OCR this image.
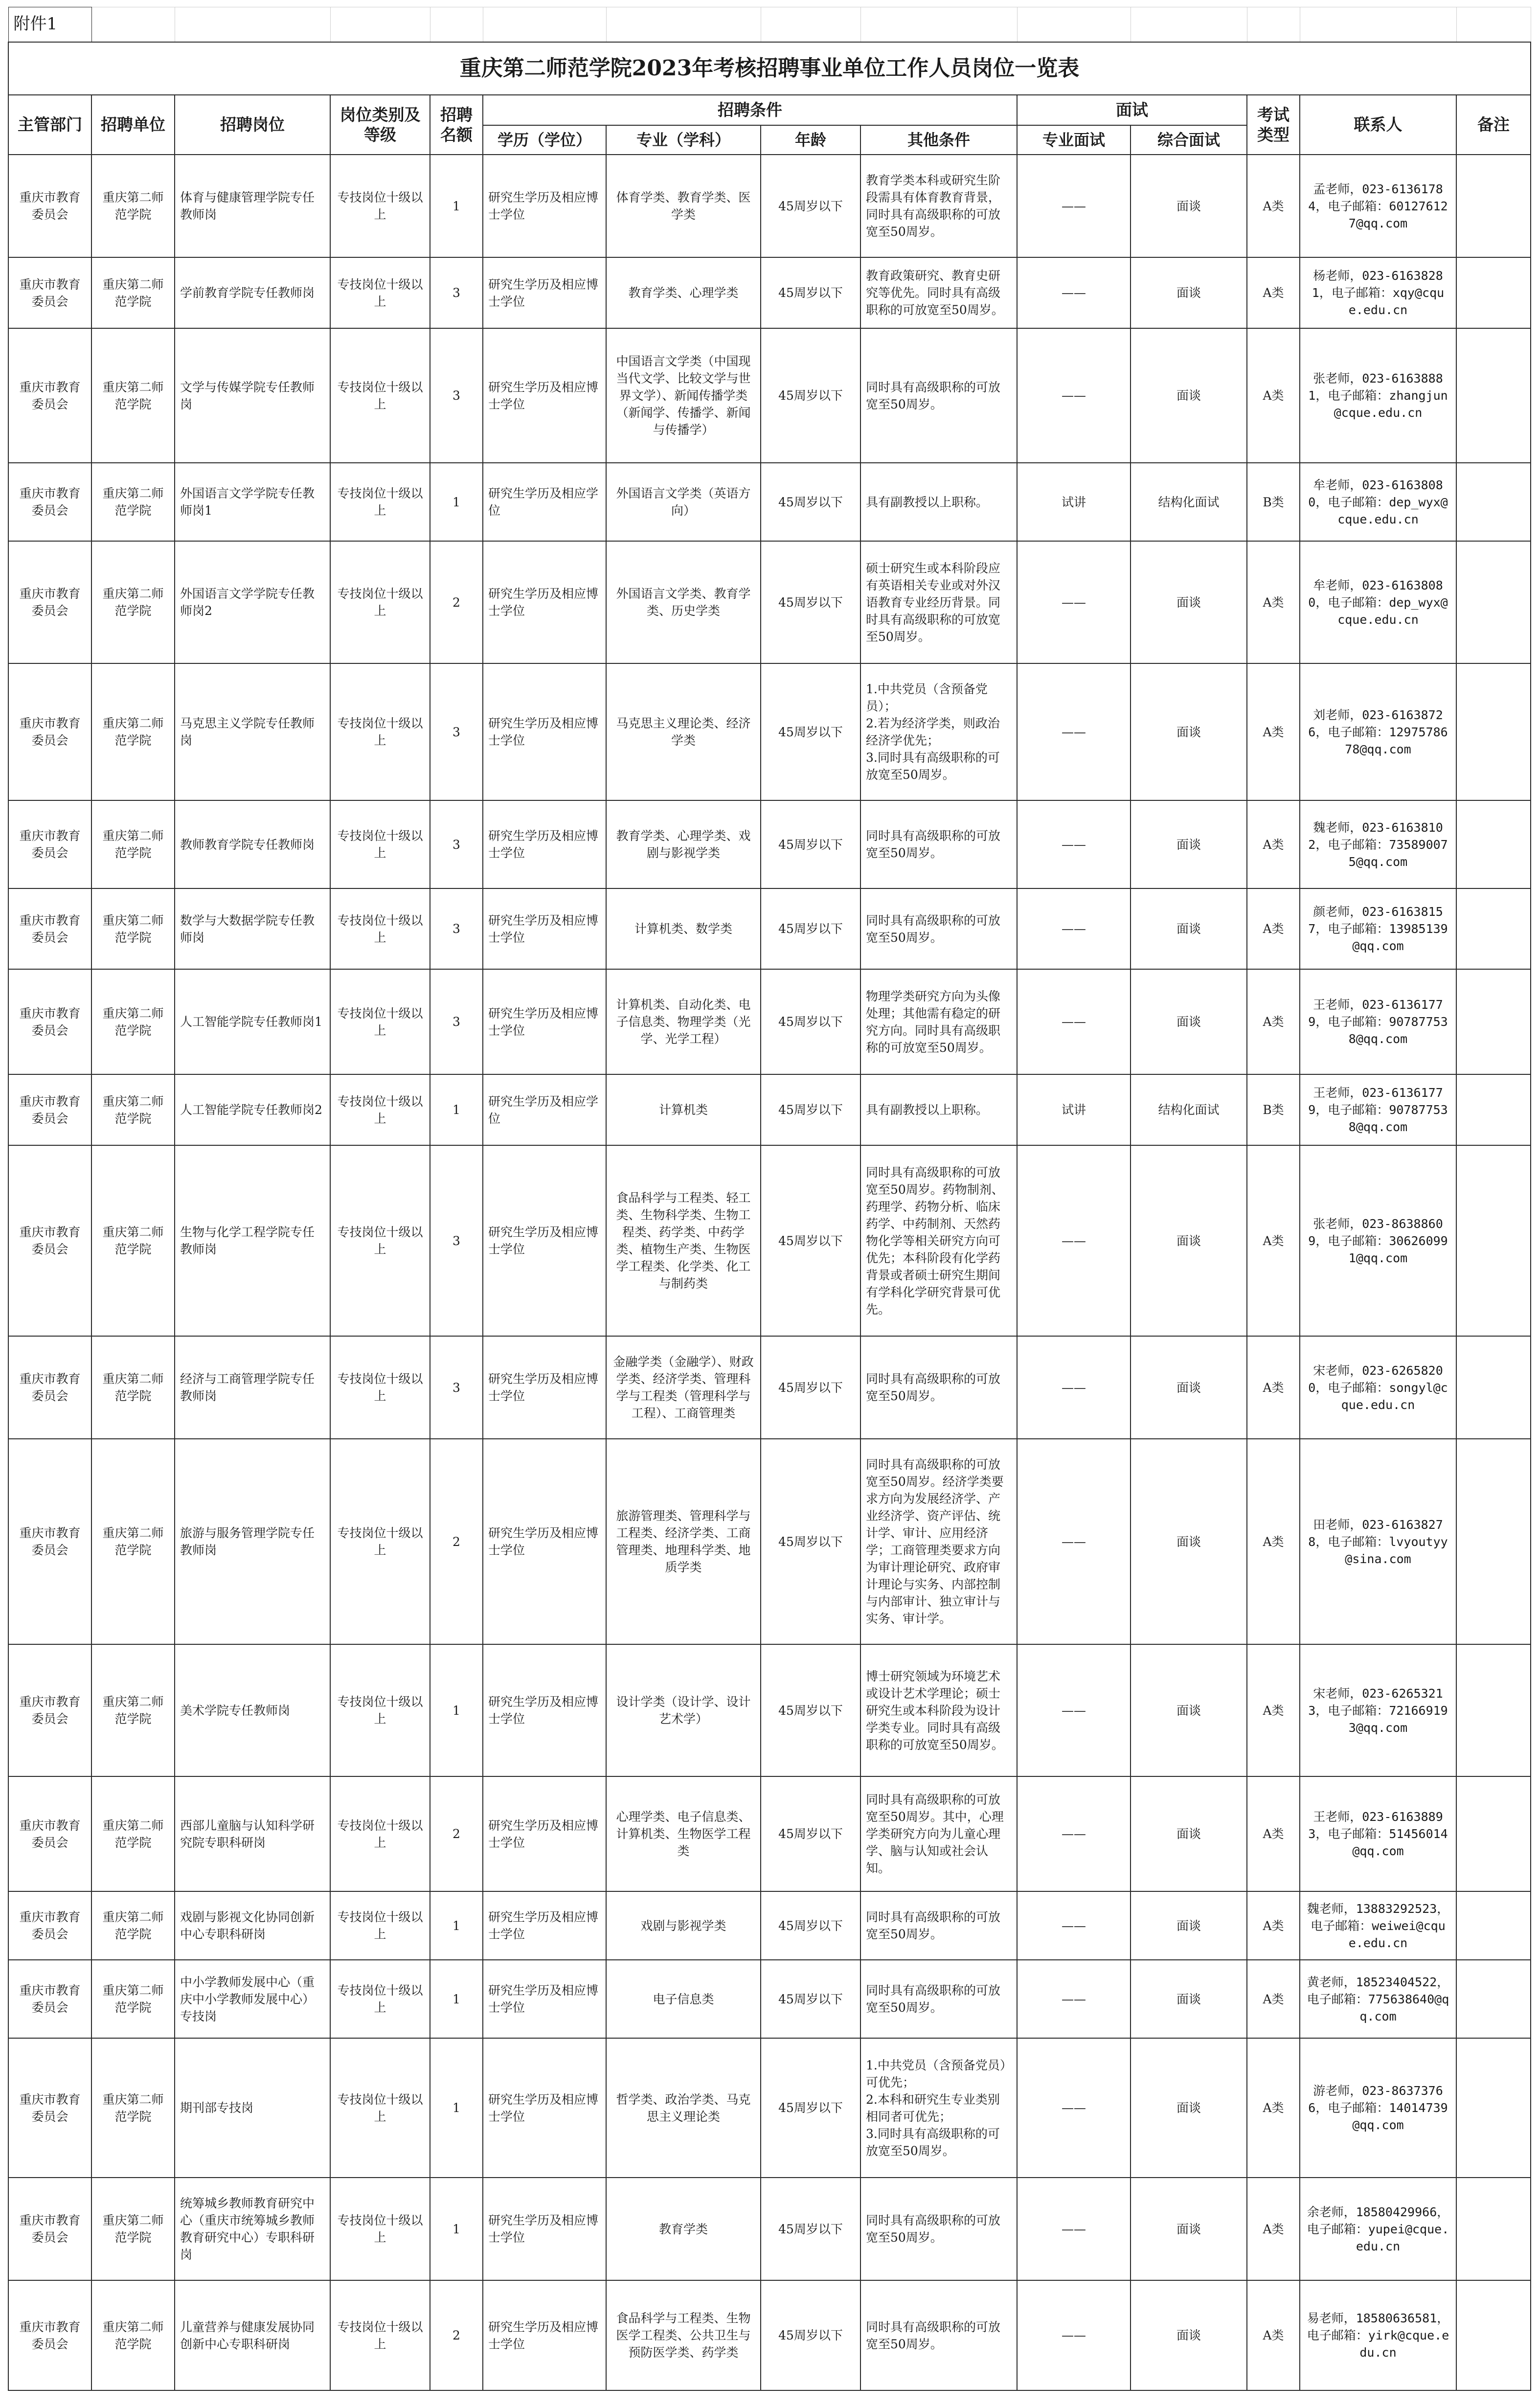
附件1													
重庆第二师范学院2023年考核招聘事业单位工作人员岗位一览表													
主管部门	招聘单位	招聘岗位	岗位类别及等级	招聘名额	招聘条件				面试		考试类型	联系人	备注
					学历（学位）	专业（学科）	年龄	其他条件	专业面试	综合面试			
重庆市教育委员会	重庆第二师范学院	体育与健康管理学院专任教师岗	专技岗位十级以上	1	研究生学历及相应博士学位	体育学类、教育学类、医学类	45周岁以下	教育学类本科或研究生阶段需具有体育教育背景，同时具有高级职称的可放宽至50周岁。	——	面谈	A类	孟老师，023-61361784，电子邮箱：601276127@qq.com	
重庆市教育委员会	重庆第二师范学院	学前教育学院专任教师岗	专技岗位十级以上	3	研究生学历及相应博士学位	教育学类、心理学类	45周岁以下	教育政策研究、教育史研究等优先。同时具有高级职称的可放宽至50周岁。	——	面谈	A类	杨老师，023-61638281，电子邮箱：xqy@cque.edu.cn	
重庆市教育委员会	重庆第二师范学院	文学与传媒学院专任教师岗	专技岗位十级以上	3	研究生学历及相应博士学位	中国语言文学类（中国现当代文学、比较文学与世界文学）、新闻传播学类（新闻学、传播学、新闻与传播学）	45周岁以下	同时具有高级职称的可放宽至50周岁。	——	面谈	A类	张老师，023-61638881，电子邮箱：zhangjun@cque.edu.cn	
重庆市教育委员会	重庆第二师范学院	外国语言文学学院专任教师岗1	专技岗位十级以上	1	研究生学历及相应学位	外国语言文学类（英语方向）	45周岁以下	具有副教授以上职称。	试讲	结构化面试	B类	牟老师，023-61638080，电子邮箱：dep_wyx@cque.edu.cn	
重庆市教育委员会	重庆第二师范学院	外国语言文学学院专任教师岗2	专技岗位十级以上	2	研究生学历及相应博士学位	外国语言文学类、教育学类、历史学类	45周岁以下	硕士研究生或本科阶段应有英语相关专业或对外汉语教育专业经历背景。同时具有高级职称的可放宽至50周岁。	——	面谈	A类	牟老师，023-61638080，电子邮箱：dep_wyx@cque.edu.cn	
重庆市教育委员会	重庆第二师范学院	马克思主义学院专任教师岗	专技岗位十级以上	3	研究生学历及相应博士学位	马克思主义理论类、经济学类	45周岁以下	1.中共党员（含预备党员）；
2.若为经济学类，则政治经济学优先；
3.同时具有高级职称的可放宽至50周岁。	——	面谈	A类	刘老师，023-61638726，电子邮箱：1297578678@qq.com	
重庆市教育委员会	重庆第二师范学院	教师教育学院专任教师岗	专技岗位十级以上	3	研究生学历及相应博士学位	教育学类、心理学类、戏剧与影视学类	45周岁以下	同时具有高级职称的可放宽至50周岁。	——	面谈	A类	魏老师，023-61638102，电子邮箱：735890075@qq.com	
重庆市教育委员会	重庆第二师范学院	数学与大数据学院专任教师岗	专技岗位十级以上	3	研究生学历及相应博士学位	计算机类、数学类	45周岁以下	同时具有高级职称的可放宽至50周岁。	——	面谈	A类	颜老师，023-61638157，电子邮箱：13985139@qq.com	
重庆市教育委员会	重庆第二师范学院	人工智能学院专任教师岗1	专技岗位十级以上	3	研究生学历及相应博士学位	计算机类、自动化类、电子信息类、物理学类（光学、光学工程）	45周岁以下	物理学类研究方向为头像处理；其他需有稳定的研究方向。同时具有高级职称的可放宽至50周岁。	——	面谈	A类	王老师，023-61361779，电子邮箱：907877538@qq.com	
重庆市教育委员会	重庆第二师范学院	人工智能学院专任教师岗2	专技岗位十级以上	1	研究生学历及相应学位	计算机类	45周岁以下	具有副教授以上职称。	试讲	结构化面试	B类	王老师，023-61361779，电子邮箱：907877538@qq.com	
重庆市教育委员会	重庆第二师范学院	生物与化学工程学院专任教师岗	专技岗位十级以上	3	研究生学历及相应博士学位	食品科学与工程类、轻工类、生物科学类、生物工程类、药学类、中药学类、植物生产类、生物医学工程类、化学类、化工与制药类	45周岁以下	同时具有高级职称的可放宽至50周岁。药物制剂、药理学、药物分析、临床药学、中药制剂、天然药物化学等相关研究方向可优先；本科阶段有化学药背景或者硕士研究生期间有学科化学研究背景可优先。	——	面谈	A类	张老师，023-86388609，电子邮箱：306260991@qq.com	
重庆市教育委员会	重庆第二师范学院	经济与工商管理学院专任教师岗	专技岗位十级以上	3	研究生学历及相应博士学位	金融学类（金融学）、财政学类、经济学类、管理科学与工程类（管理科学与工程）、工商管理类	45周岁以下	同时具有高级职称的可放宽至50周岁。	——	面谈	A类	宋老师，023-62658200，电子邮箱：songyl@cque.edu.cn	
重庆市教育委员会	重庆第二师范学院	旅游与服务管理学院专任教师岗	专技岗位十级以上	2	研究生学历及相应博士学位	旅游管理类、管理科学与工程类、经济学类、工商管理类、地理科学类、地质学类	45周岁以下	同时具有高级职称的可放宽至50周岁。经济学类要求方向为发展经济学、产业经济学、资产评估、统计学、审计、应用经济学；工商管理类要求方向为审计理论研究、政府审计理论与实务、内部控制与内部审计、独立审计与实务、审计学。	——	面谈	A类	田老师，023-61638278，电子邮箱：lvyoutyy@sina.com	
重庆市教育委员会	重庆第二师范学院	美术学院专任教师岗	专技岗位十级以上	1	研究生学历及相应博士学位	设计学类（设计学、设计艺术学）	45周岁以下	博士研究领域为环境艺术或设计艺术学理论；硕士研究生或本科阶段为设计学类专业。同时具有高级职称的可放宽至50周岁。	——	面谈	A类	宋老师，023-62653213，电子邮箱：721669193@qq.com	
重庆市教育委员会	重庆第二师范学院	西部儿童脑与认知科学研究院专职科研岗	专技岗位十级以上	2	研究生学历及相应博士学位	心理学类、电子信息类、计算机类、生物医学工程类	45周岁以下	同时具有高级职称的可放宽至50周岁。其中，心理学类研究方向为儿童心理学、脑与认知或社会认知。	——	面谈	A类	王老师，023-61638893，电子邮箱：51456014@qq.com	
重庆市教育委员会	重庆第二师范学院	戏剧与影视文化协同创新中心专职科研岗	专技岗位十级以上	1	研究生学历及相应博士学位	戏剧与影视学类	45周岁以下	同时具有高级职称的可放宽至50周岁。	——	面谈	A类	魏老师，13883292523，电子邮箱：weiwei@cque.edu.cn	
重庆市教育委员会	重庆第二师范学院	中小学教师发展中心（重庆中小学教师发展中心）专技岗	专技岗位十级以上	1	研究生学历及相应博士学位	电子信息类	45周岁以下	同时具有高级职称的可放宽至50周岁。	——	面谈	A类	黄老师，18523404522，电子邮箱：775638640@qq.com	
重庆市教育委员会	重庆第二师范学院	期刊部专技岗	专技岗位十级以上	1	研究生学历及相应博士学位	哲学类、政治学类、马克思主义理论类	45周岁以下	1.中共党员（含预备党员）可优先；
2.本科和研究生专业类别相同者可优先；
3.同时具有高级职称的可放宽至50周岁。	——	面谈	A类	游老师，023-86373766，电子邮箱：14014739@qq.com	
重庆市教育委员会	重庆第二师范学院	统筹城乡教师教育研究中心（重庆市统筹城乡教师教育研究中心）专职科研岗	专技岗位十级以上	1	研究生学历及相应博士学位	教育学类	45周岁以下	同时具有高级职称的可放宽至50周岁。	——	面谈	A类	余老师，18580429966，电子邮箱：yupei@cque.edu.cn	
重庆市教育委员会	重庆第二师范学院	儿童营养与健康发展协同创新中心专职科研岗	专技岗位十级以上	2	研究生学历及相应博士学位	食品科学与工程类、生物医学工程类、公共卫生与预防医学类、药学类	45周岁以下	同时具有高级职称的可放宽至50周岁。	——	面谈	A类	易老师，18580636581，电子邮箱：yirk@cque.edu.cn	
